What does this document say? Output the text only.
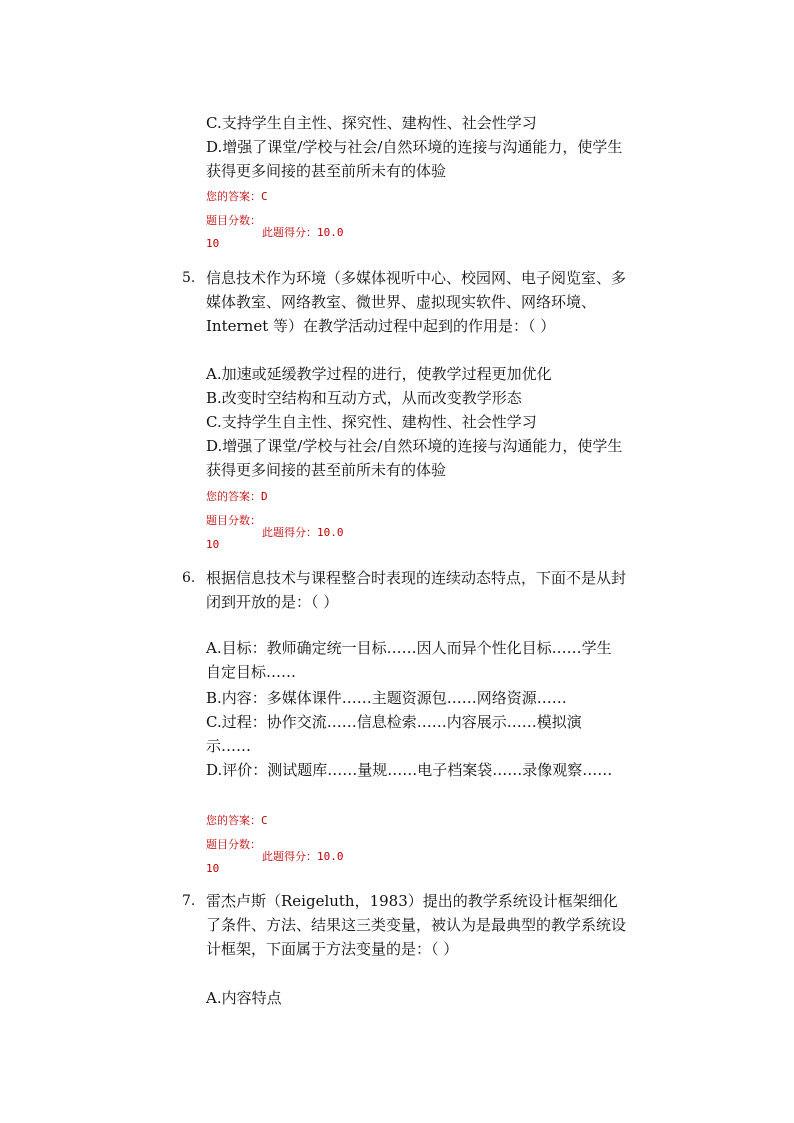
C.支持学生自主性、探究性、建构性、社会性学习
D.增强了课堂/学校与社会/自然环境的连接与沟通能力，使学生获得更多间接的甚至前所未有的体验
您的答案：C
题目分数：
10
此题得分：10.0
5. 信息技术作为环境（多媒体视听中心、校园网、电子阅览室、多媒体教室、网络教室、微世界、虚拟现实软件、网络环境、Internet 等）在教学活动过程中起到的作用是：（ ）
A.加速或延缓教学过程的进行，使教学过程更加优化
B.改变时空结构和互动方式，从而改变教学形态
C.支持学生自主性、探究性、建构性、社会性学习
D.增强了课堂/学校与社会/自然环境的连接与沟通能力，使学生获得更多间接的甚至前所未有的体验
您的答案：D
题目分数：
10
此题得分：10.0
6. 根据信息技术与课程整合时表现的连续动态特点，下面不是从封闭到开放的是：（ ）
A.目标：教师确定统一目标……因人而异个性化目标……学生自定目标……
B.内容：多媒体课件……主题资源包……网络资源……
C.过程：协作交流……信息检索……内容展示……模拟演示……
D.评价：测试题库……量规……电子档案袋……录像观察……
您的答案：C
题目分数：
10
此题得分：10.0
7. 雷杰卢斯（Reigeluth，1983）提出的教学系统设计框架细化了条件、方法、结果这三类变量，被认为是最典型的教学系统设计框架，下面属于方法变量的是：（ ）
A.内容特点
